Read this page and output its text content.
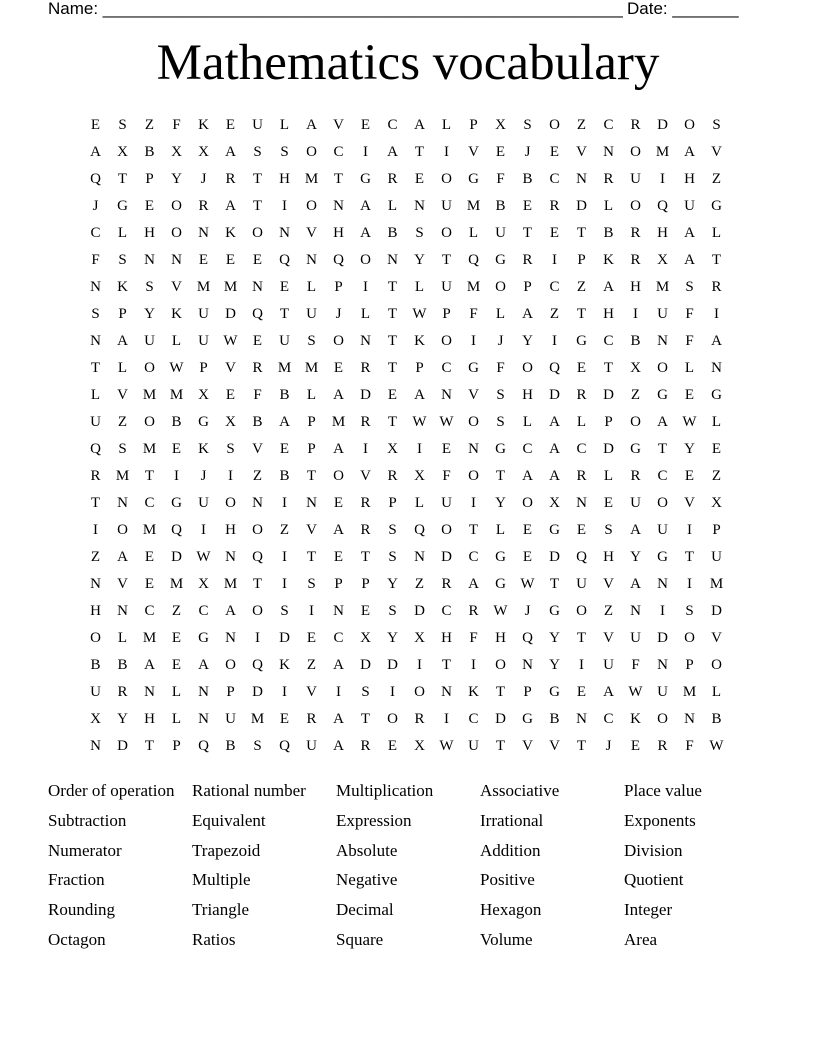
Name: _______________________________________________________ Date: _______
Mathematics vocabulary
E	S	Z	F	K	E	U	L	A	V	E	C	A	L	P	X	S	O	Z	C	R	D	O	S
A	X	B	X	X	A	S	S	O	C	I	A	T	I	V	E	J	E	V	N	O M A	V
Q	T	P	Y	J	R	T	H M	T	G	R	E	O	G	F	B	C	N	R	U	I	H	Z
J	G	E	O	R	A	T	I	O	N	A	L	N	U M	B	E	R	D	L	O	Q	U	G
C	L	H	O	N	K	O	N	V	H	A	B	S	O	L	U	T	E	T	B	R	H	A	L
F	S	N	N	E	E	E	Q	N	Q	O	N	Y	T	Q	G	R	I	P	K	R	X	A	T
N	K	S	V M M N	E	L	P	I	T	L	U M O	P	C	Z	A	H M	S	R
S	P	Y	K	U	D	Q	T	U	J	L	T	W	P	F	L	A	Z	T	H	I	U	F	I
N	A	U	L	U W	E	U	S	O	N	T	K	O	I	J	Y	I	G	C	B	N	F	A
T	L	O W	P	V	R	M M	E	R	T	P	C	G	F	O	Q	E	T	X	O	L	N
L	V M M X	E	F	B	L	A	D	E	A	N	V	S	H	D	R	D	Z	G	E	G
U	Z	O	B	G	X	B	A	P	M	R	T	W W O	S	L	A	L	P	O	A W	L
Q	S	M	E	K	S	V	E	P	A	I	X	I	E	N	G	C	A	C	D	G	T	Y	E
R	M	T	I	J	I	Z	B	T	O	V	R	X	F	O	T	A	A	R	L	R	C	E	Z
T	N	C	G	U	O	N	I	N	E	R	P	L	U	I	Y	O	X	N	E	U	O	V	X
I	O M Q	I	H	O	Z	V	A	R	S	Q	O	T	L	E	G	E	S	A	U	I	P
Z	A	E	D W N	Q	I	T	E	T	S	N	D	C	G	E	D	Q	H	Y	G	T	U
N	V	E	M X M	T	I	S	P	P	Y	Z	R	A	G W	T	U	V	A	N	I	M
H	N	C	Z	C	A	O	S	I	N	E	S	D	C	R W	J	G	O	Z	N	I	S	D
O	L	M	E	G	N	I	D	E	C	X	Y	X	H	F	H	Q	Y	T	V	U	D	O	V
B	B	A	E	A	O	Q	K	Z	A	D	D	I	T	I	O	N	Y	I	U	F	N	P	O
U	R	N	L	N	P	D	I	V	I	S	I	O	N	K	T	P	G	E	A W U M	L
X	Y	H	L	N	U M	E	R	A	T	O	R	I	C	D	G	B	N	C	K	O	N	B
N	D	T	P	Q	B	S	Q	U	A	R	E	X W U	T	V	V	T	J	E	R	F	W
Order of operation	Rational number	Multiplication	Associative	Place value
Subtraction	Equivalent	Expression	Irrational	Exponents
Numerator	Trapezoid	Absolute	Addition	Division
Fraction	Multiple	Negative	Positive	Quotient
Rounding	Triangle	Decimal	Hexagon	Integer
Octagon	Ratios	Square	Volume	Area
